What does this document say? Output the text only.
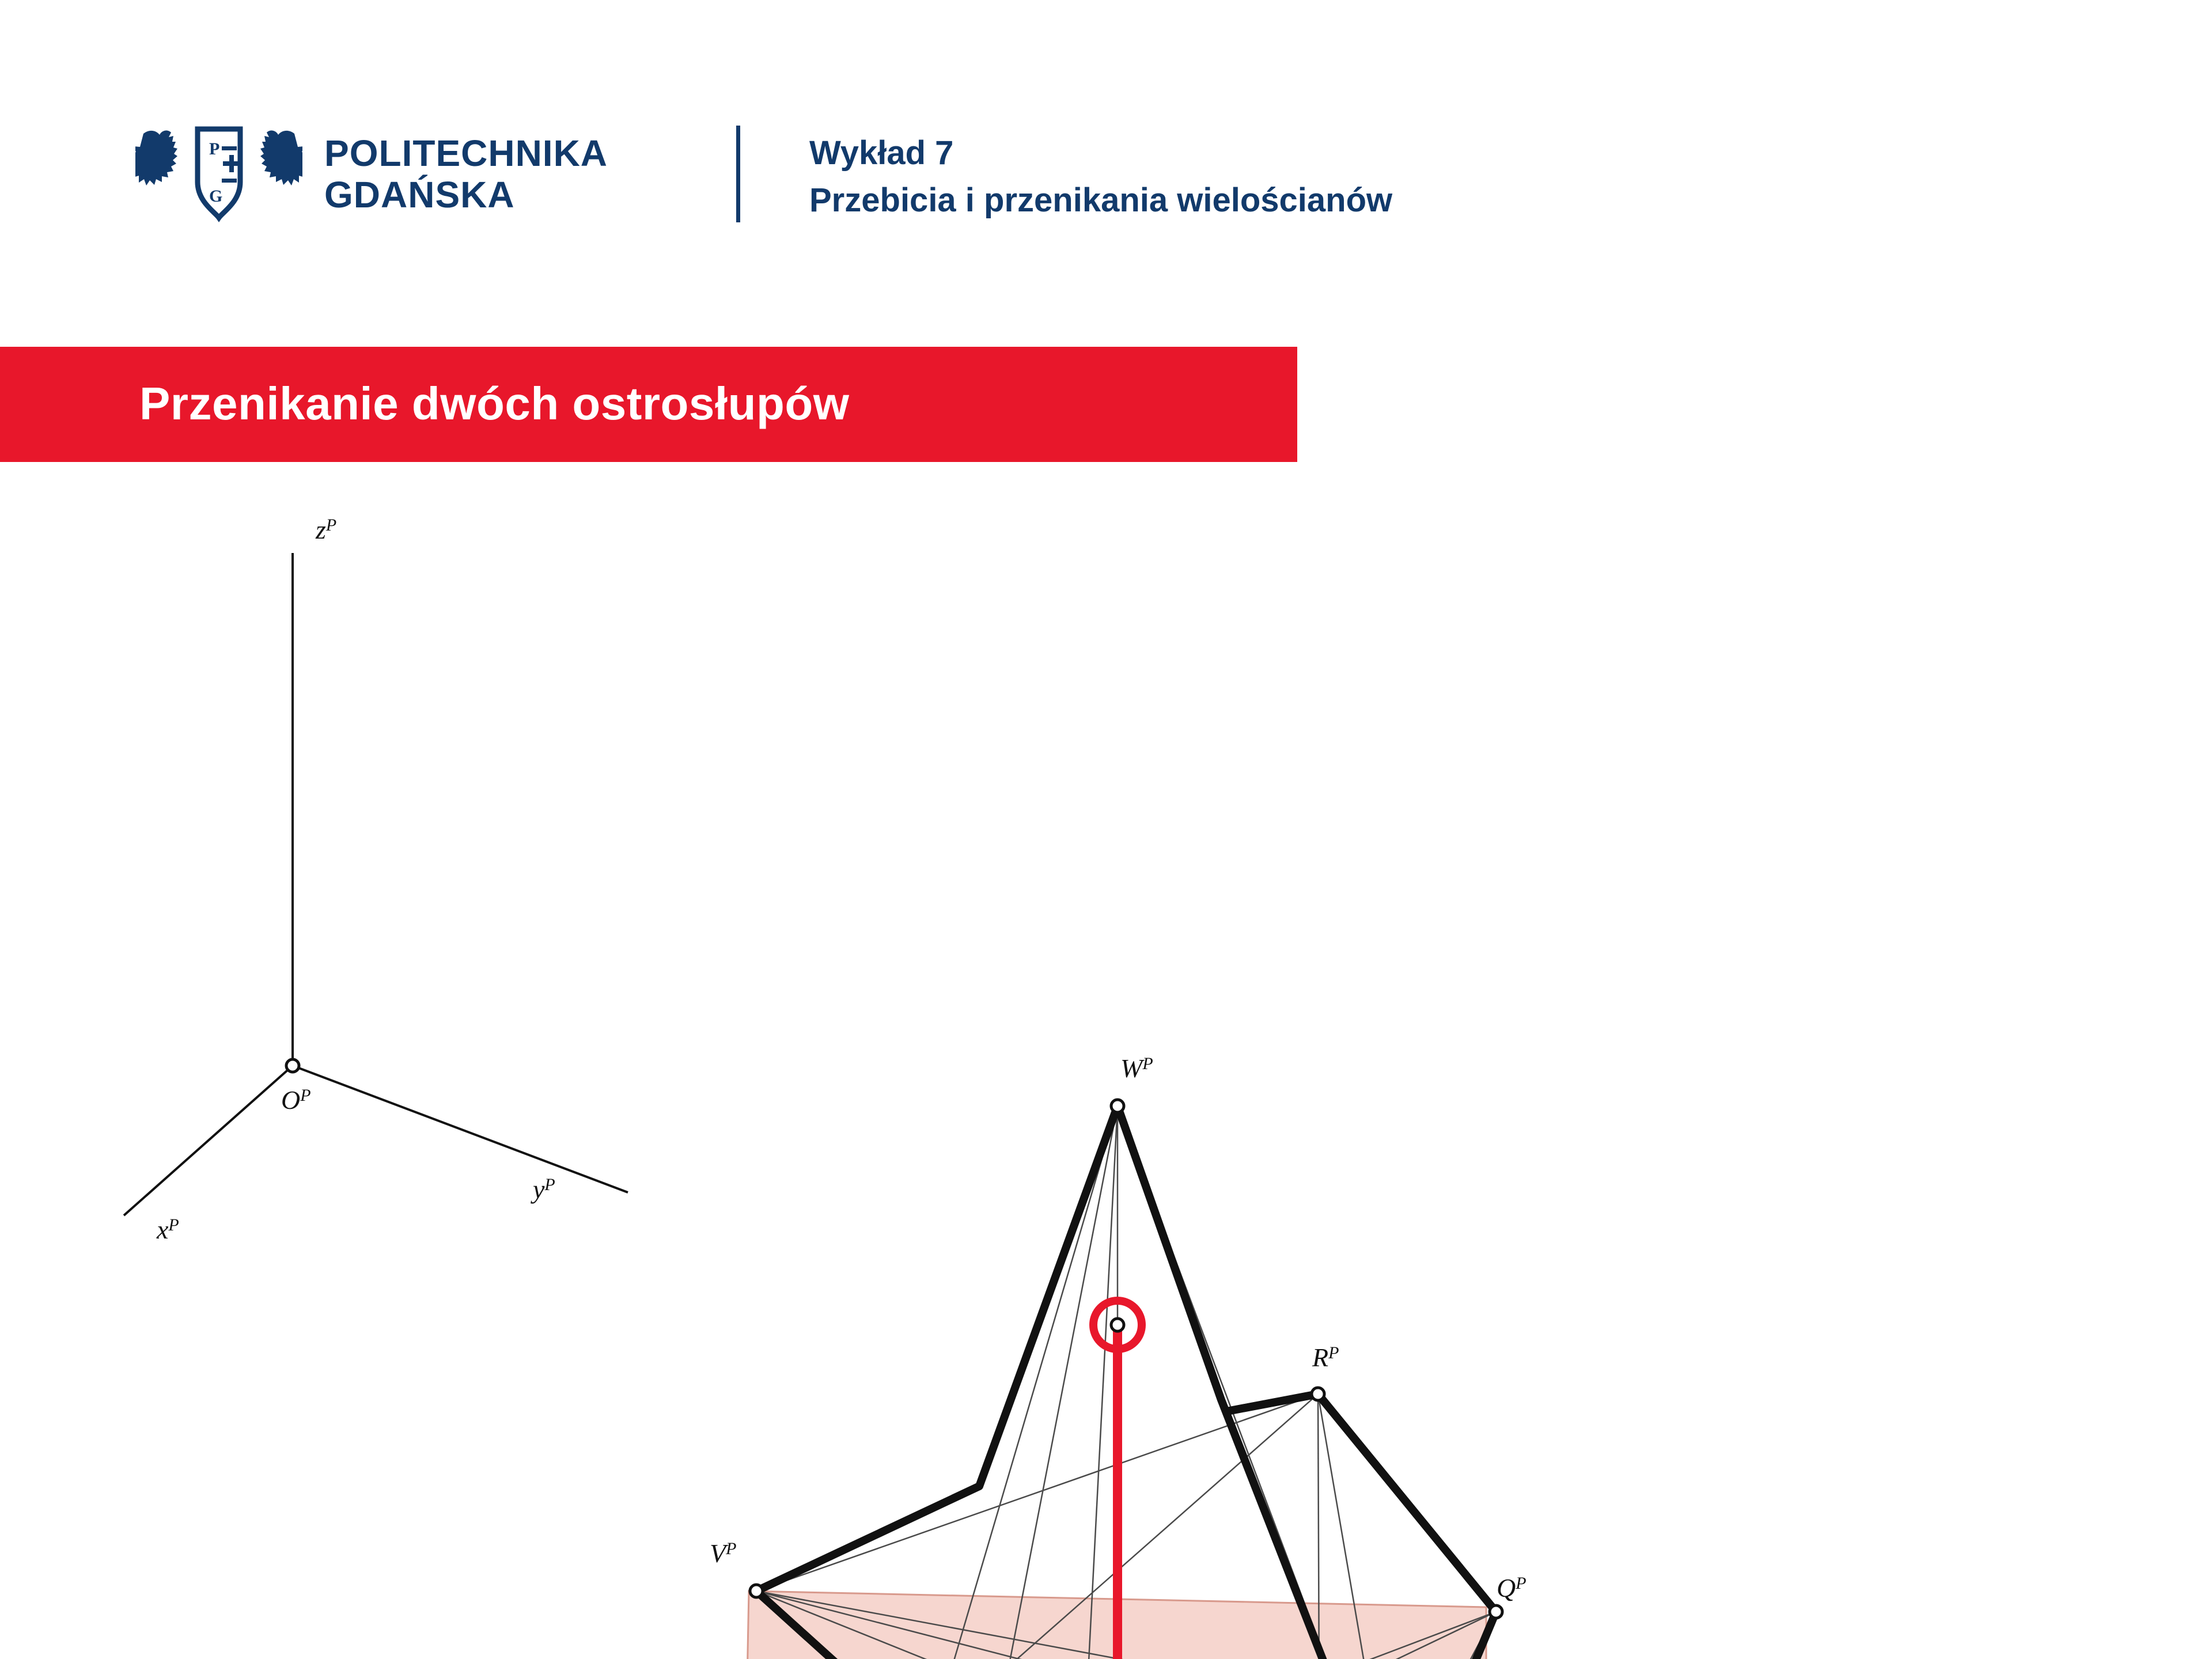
P
G
POLITECHNIKA
GDAŃSKA
Wykład 7
Przebicia i przenikania wielościanów
Przenikanie dwóch ostrosłupów
$z^P$
$O^P$
$y^P$
$x^P$
$W^P$
$R^P$
$V^P$
$Q^P$
